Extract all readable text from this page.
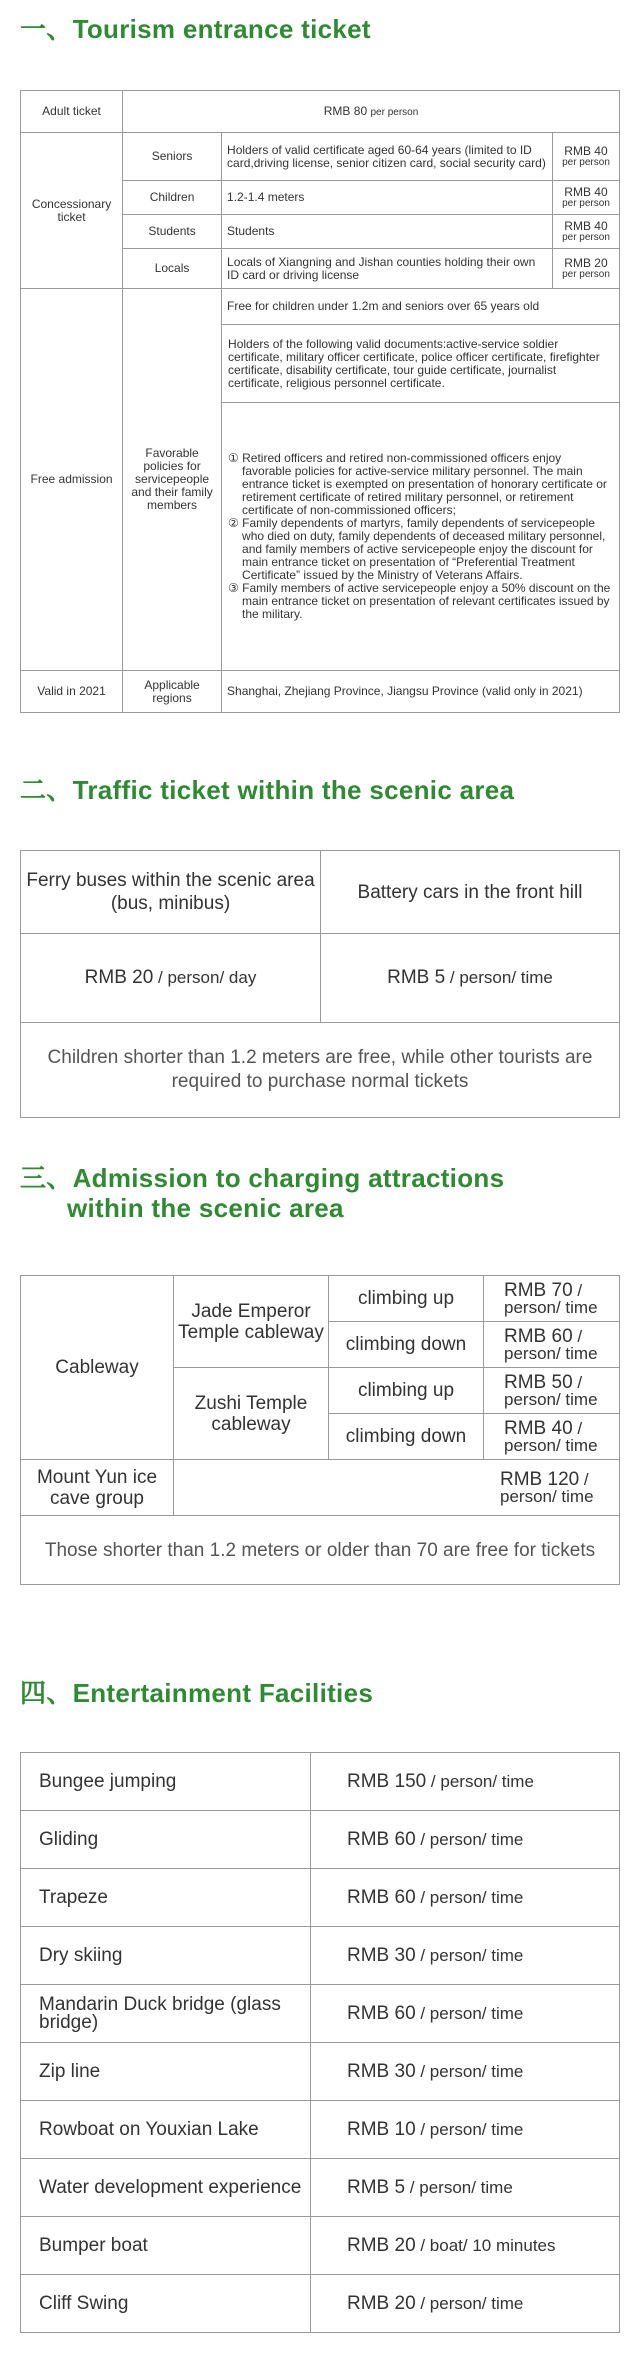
一、Tourism entrance ticket
Adult ticket	RMB 80 per person		
Concessionary ticket	Seniors	Holders of valid certificate aged 60-64 years (limited to ID card,driving license, senior citizen card, social security card)	RMB 40
per person

	Children	1.2-1.4 meters	RMB 40
per person

	Students	Students	RMB 40
per person

	Locals	Locals of Xiangning and Jishan counties holding their own ID card or driving license	RMB 20
per person

Free admission	Favorable policies for servicepeople and their family members	Free for children under 1.2m and seniors over 65 years old	
		Holders of the following valid documents:active-service soldier certificate, military officer certificate, police officer certificate, firefighter certificate, disability certificate, tour guide certificate, journalist certificate, religious personnel certificate.	

		① Retired officers and retired non-commissioned officers enjoy favorable policies for active-service military personnel. The main entrance ticket is exempted on presentation of honorary certificate or retirement certificate of retired military personnel, or retirement certificate of non-commissioned officers;
② Family dependents of martyrs, family dependents of servicepeople who died on duty, family dependents of deceased military personnel, and family members of active servicepeople enjoy the discount for main entrance ticket on presentation of “Preferential Treatment Certificate” issued by the Ministry of Veterans Affairs.
③ Family members of active servicepeople enjoy a 50% discount on the main entrance ticket on presentation of relevant certificates issued by the military.	

Valid in 2021	Applicable regions	Shanghai, Zhejiang Province, Jiangsu Province (valid only in 2021)	
二、Traffic ticket within the scenic area
Ferry buses within the scenic area (bus, minibus)	Battery cars in the front hill
RMB 20 / person/ day	RMB 5 / person/ time
Children shorter than 1.2 meters are free, while other tourists are required to purchase normal tickets	
三、Admission to charging attractions
within the scenic area
Cableway	Jade Emperor Temple cableway	climbing up	RMB 70 / person/ time
		climbing down	RMB 60 / person/ time
	Zushi Temple cableway	climbing up	RMB 50 / person/ time
		climbing down	RMB 40 / person/ time
Mount Yun ice cave group	RMB 120 / person/ time		
Those shorter than 1.2 meters or older than 70 are free for tickets			
四、Entertainment Facilities
Bungee jumping	RMB 150 / person/ time
Gliding	RMB 60 / person/ time
Trapeze	RMB 60 / person/ time
Dry skiing	RMB 30 / person/ time
Mandarin Duck bridge (glass bridge)	RMB 60 / person/ time
Zip line	RMB 30 / person/ time
Rowboat on Youxian Lake	RMB 10 / person/ time
Water development experience	RMB 5 / person/ time
Bumper boat	RMB 20 / boat/ 10 minutes
Cliff Swing	RMB 20 / person/ time
